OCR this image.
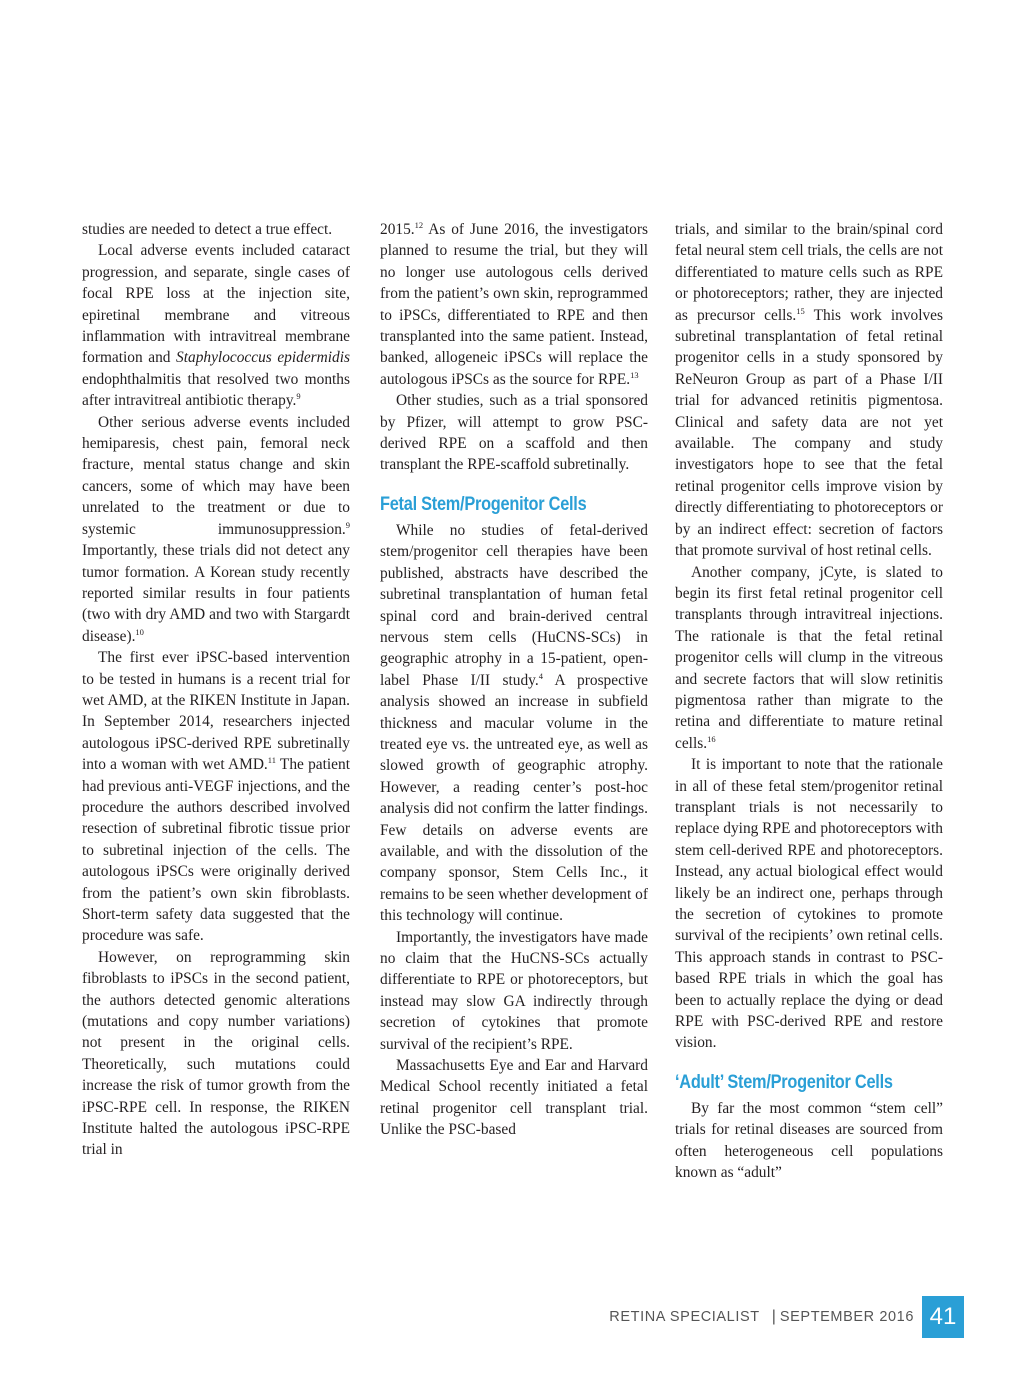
studies are needed to detect a true effect.

Local adverse events included cataract progression, and separate, single cases of focal RPE loss at the injection site, epiretinal membrane and vitreous inflammation with intravitreal membrane formation and Staphylococcus epidermidis endophthalmitis that resolved two months after intravitreal antibiotic therapy.$^9$

Other serious adverse events included hemiparesis, chest pain, femoral neck fracture, mental status change and skin cancers, some of which may have been unrelated to the treatment or due to systemic immunosuppression.$^9$ Importantly, these trials did not detect any tumor formation. A Korean study recently reported similar results in four patients (two with dry AMD and two with Stargardt disease).$^{10}$

The first ever iPSC-based intervention to be tested in humans is a recent trial for wet AMD, at the RIKEN Institute in Japan. In September 2014, researchers injected autologous iPSC-derived RPE subretinally into a woman with wet AMD.$^{11}$ The patient had previous anti-VEGF injections, and the procedure the authors described involved resection of subretinal fibrotic tissue prior to subretinal injection of the cells. The autologous iPSCs were originally derived from the patient’s own skin fibroblasts. Short-term safety data suggested that the procedure was safe.

However, on reprogramming skin fibroblasts to iPSCs in the second patient, the authors detected genomic alterations (mutations and copy number variations) not present in the original cells. Theoretically, such mutations could increase the risk of tumor growth from the iPSC-RPE cell. In response, the RIKEN Institute halted the autologous iPSC-RPE trial in

2015.12 As of June 2016, the investigators planned to resume the trial, but they will no longer use autologous cells derived from the patient’s own skin, reprogrammed to iPSCs, differentiated to RPE and then transplanted into the same patient. Instead, banked, allogeneic iPSCs will replace the autologous iPSCs as the source for RPE.$^{13}$

Other studies, such as a trial sponsored by Pfizer, will attempt to grow PSC-derived RPE on a scaffold and then transplant the RPE-scaffold subretinally.

Fetal Stem/Progenitor Cells

While no studies of fetal-derived stem/progenitor cell therapies have been published, abstracts have described the subretinal transplantation of human fetal spinal cord and brain-derived central nervous stem cells (HuCNS-SCs) in geographic atrophy in a 15-patient, open-label Phase I/II study.$^4$ A prospective analysis showed an increase in subfield thickness and macular volume in the treated eye vs. the untreated eye, as well as slowed growth of geographic atrophy. However, a reading center’s post-hoc analysis did not confirm the latter findings. Few details on adverse events are available, and with the dissolution of the company sponsor, Stem Cells Inc., it remains to be seen whether development of this technology will continue.

Importantly, the investigators have made no claim that the HuCNS-SCs actually differentiate to RPE or photoreceptors, but instead may slow GA indirectly through secretion of cytokines that promote survival of the recipient’s RPE.

Massachusetts Eye and Ear and Harvard Medical School recently initiated a fetal retinal progenitor cell transplant trial. Unlike the PSC-based

trials, and similar to the brain/spinal cord fetal neural stem cell trials, the cells are not differentiated to mature cells such as RPE or photoreceptors; rather, they are injected as precursor cells.$^{15}$ This work involves subretinal transplantation of fetal retinal progenitor cells in a study sponsored by ReNeuron Group as part of a Phase I/II trial for advanced retinitis pigmentosa. Clinical and safety data are not yet available. The company and study investigators hope to see that the fetal retinal progenitor cells improve vision by directly differentiating to photoreceptors or by an indirect effect: secretion of factors that promote survival of host retinal cells.

Another company, jCyte, is slated to begin its first fetal retinal progenitor cell transplants through intravitreal injections. The rationale is that the fetal retinal progenitor cells will clump in the vitreous and secrete factors that will slow retinitis pigmentosa rather than migrate to the retina and differentiate to mature retinal cells.$^{16}$

It is important to note that the rationale in all of these fetal stem/progenitor retinal transplant trials is not necessarily to replace dying RPE and photoreceptors with stem cell-derived RPE and photoreceptors. Instead, any actual biological effect would likely be an indirect one, perhaps through the secretion of cytokines to promote survival of the recipients’ own retinal cells. This approach stands in contrast to PSC-based RPE trials in which the goal has been to actually replace the dying or dead RPE with PSC-derived RPE and restore vision.

‘Adult’ Stem/Progenitor Cells

By far the most common “stem cell” trials for retinal diseases are sourced from often heterogeneous cell populations known as “adult”

RETINA SPECIALIST | SEPTEMBER 2016 41
